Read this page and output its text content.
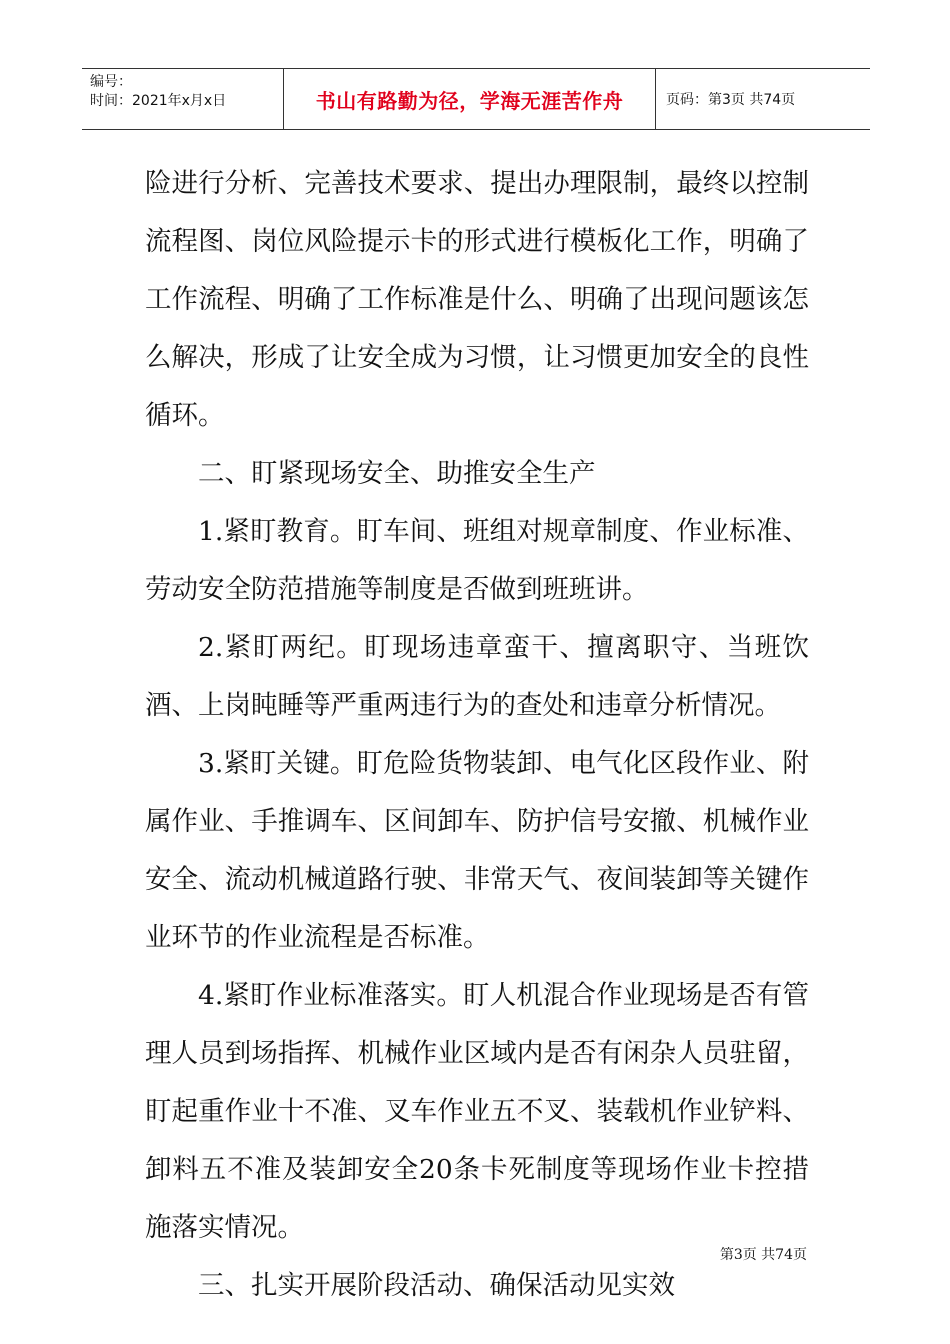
编号：
时间：2021年x月x日	书山有路勤为径，学海无涯苦作舟	页码：第3页 共74页

险进行分析、完善技术要求、提出办理限制，最终以控制流程图、岗位风险提示卡的形式进行模板化工作，明确了工作流程、明确了工作标准是什么、明确了出现问题该怎么解决，形成了让安全成为习惯，让习惯更加安全的良性循环。

二、盯紧现场安全、助推安全生产

1.紧盯教育。盯车间、班组对规章制度、作业标准、劳动安全防范措施等制度是否做到班班讲。

2.紧盯两纪。盯现场违章蛮干、擅离职守、当班饮酒、上岗盹睡等严重两违行为的查处和违章分析情况。

3.紧盯关键。盯危险货物装卸、电气化区段作业、附属作业、手推调车、区间卸车、防护信号安撤、机械作业安全、流动机械道路行驶、非常天气、夜间装卸等关键作业环节的作业流程是否标准。

4.紧盯作业标准落实。盯人机混合作业现场是否有管理人员到场指挥、机械作业区域内是否有闲杂人员驻留，盯起重作业十不准、叉车作业五不叉、装载机作业铲料、卸料五不准及装卸安全20条卡死制度等现场作业卡控措施落实情况。

三、扎实开展阶段活动、确保活动见实效

第3页 共74页
